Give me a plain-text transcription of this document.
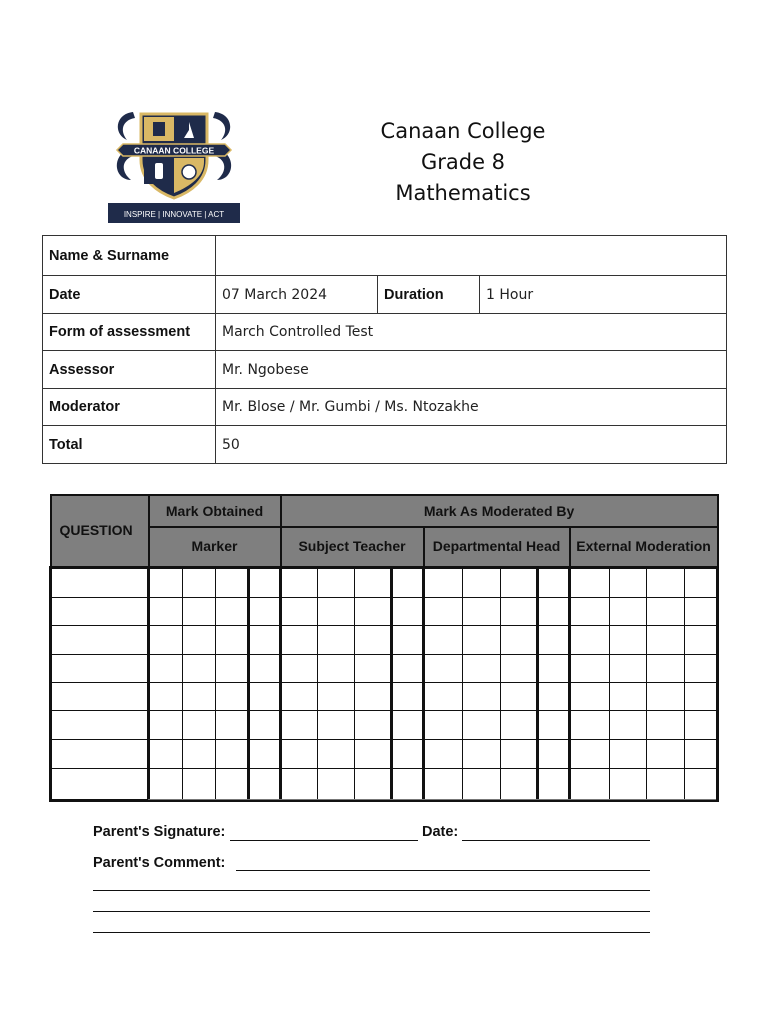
CANAAN COLLEGE
INSPIRE | INNOVATE | ACT
Canaan College
Grade 8
Mathematics
Name & Surname			
Date	07 March 2024	Duration	1 Hour
Form of assessment	March Controlled Test		
Assessor	Mr. Ngobese		
Moderator	Mr. Blose / Mr. Gumbi / Ms. Ntozakhe		
Total	50		
QUESTION	Mark Obtained				Mark As Moderated By											
	Marker				Subject Teacher				Departmental Head				External Moderation			

Parent's Signature:	Date:
Parent's Comment:
